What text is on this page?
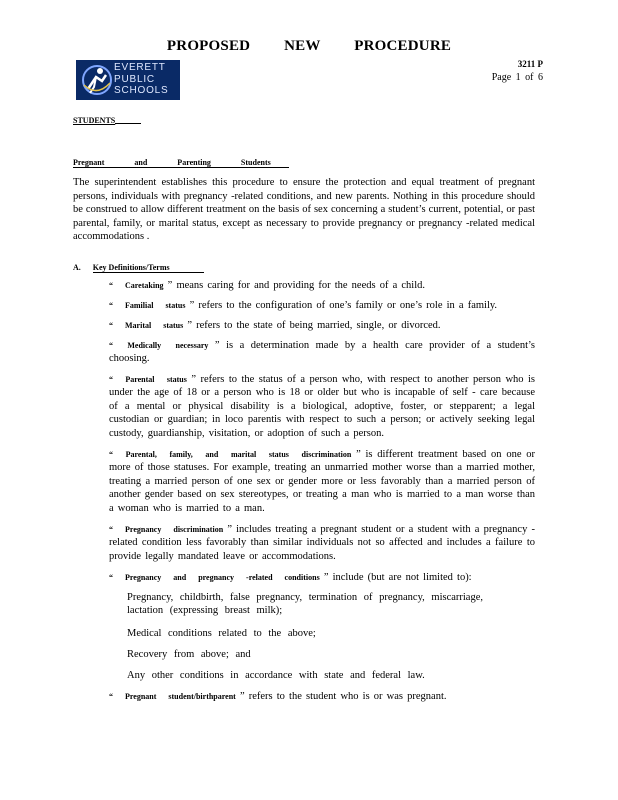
PROPOSED NEW PROCEDURE
EVERETT
PUBLIC
SCHOOLS
3211 P
Page 1 of 6
STUDENTS
Pregnant and Parenting Students
The superintendent establishes this procedure to ensure the protection and equal treatment of pregnant persons, individuals with pregnancy -related conditions, and new parents. Nothing in this procedure should be construed to allow different treatment on the basis of sex concerning a student’s current, potential, or past parental, family, or marital status, except as necessary to provide pregnancy or pregnancy -related medical accommodations .
A. Key Definitions/Terms
“ Caretaking ” means caring for and providing for the needs of a child.
“ Familial status ” refers to the configuration of one’s family or one’s role in a family.
“ Marital status ” refers to the state of being married, single, or divorced.
“ Medically necessary ” is a determination made by a health care provider of a student’s choosing.
“ Parental status ” refers to the status of a person who, with respect to another person who is under the age of 18 or a person who is 18 or older but who is incapable of self - care because of a mental or physical disability is a biological, adoptive, foster, or stepparent; a legal custodian or guardian; in loco parentis with respect to such a person; or actively seeking legal custody, guardianship, visitation, or adoption of such a person.
“ Parental, family, and marital status discrimination ” is different treatment based on one or more of those statuses. For example, treating an unmarried mother worse than a married mother, treating a married person of one sex or gender more or less favorably than a married person of another gender based on sex stereotypes, or treating a man who is married to a man worse than a woman who is married to a man.
“ Pregnancy discrimination ” includes treating a pregnant student or a student with a pregnancy -related condition less favorably than similar individuals not so affected and includes a failure to provide legally mandated leave or accommodations.
“ Pregnancy and pregnancy -related conditions ” include (but are not limited to):
Pregnancy, childbirth, false pregnancy, termination of pregnancy, miscarriage, lactation (expressing breast milk);
Medical conditions related to the above;
Recovery from above; and
Any other conditions in accordance with state and federal law.
“ Pregnant student/birthparent ” refers to the student who is or was pregnant.
